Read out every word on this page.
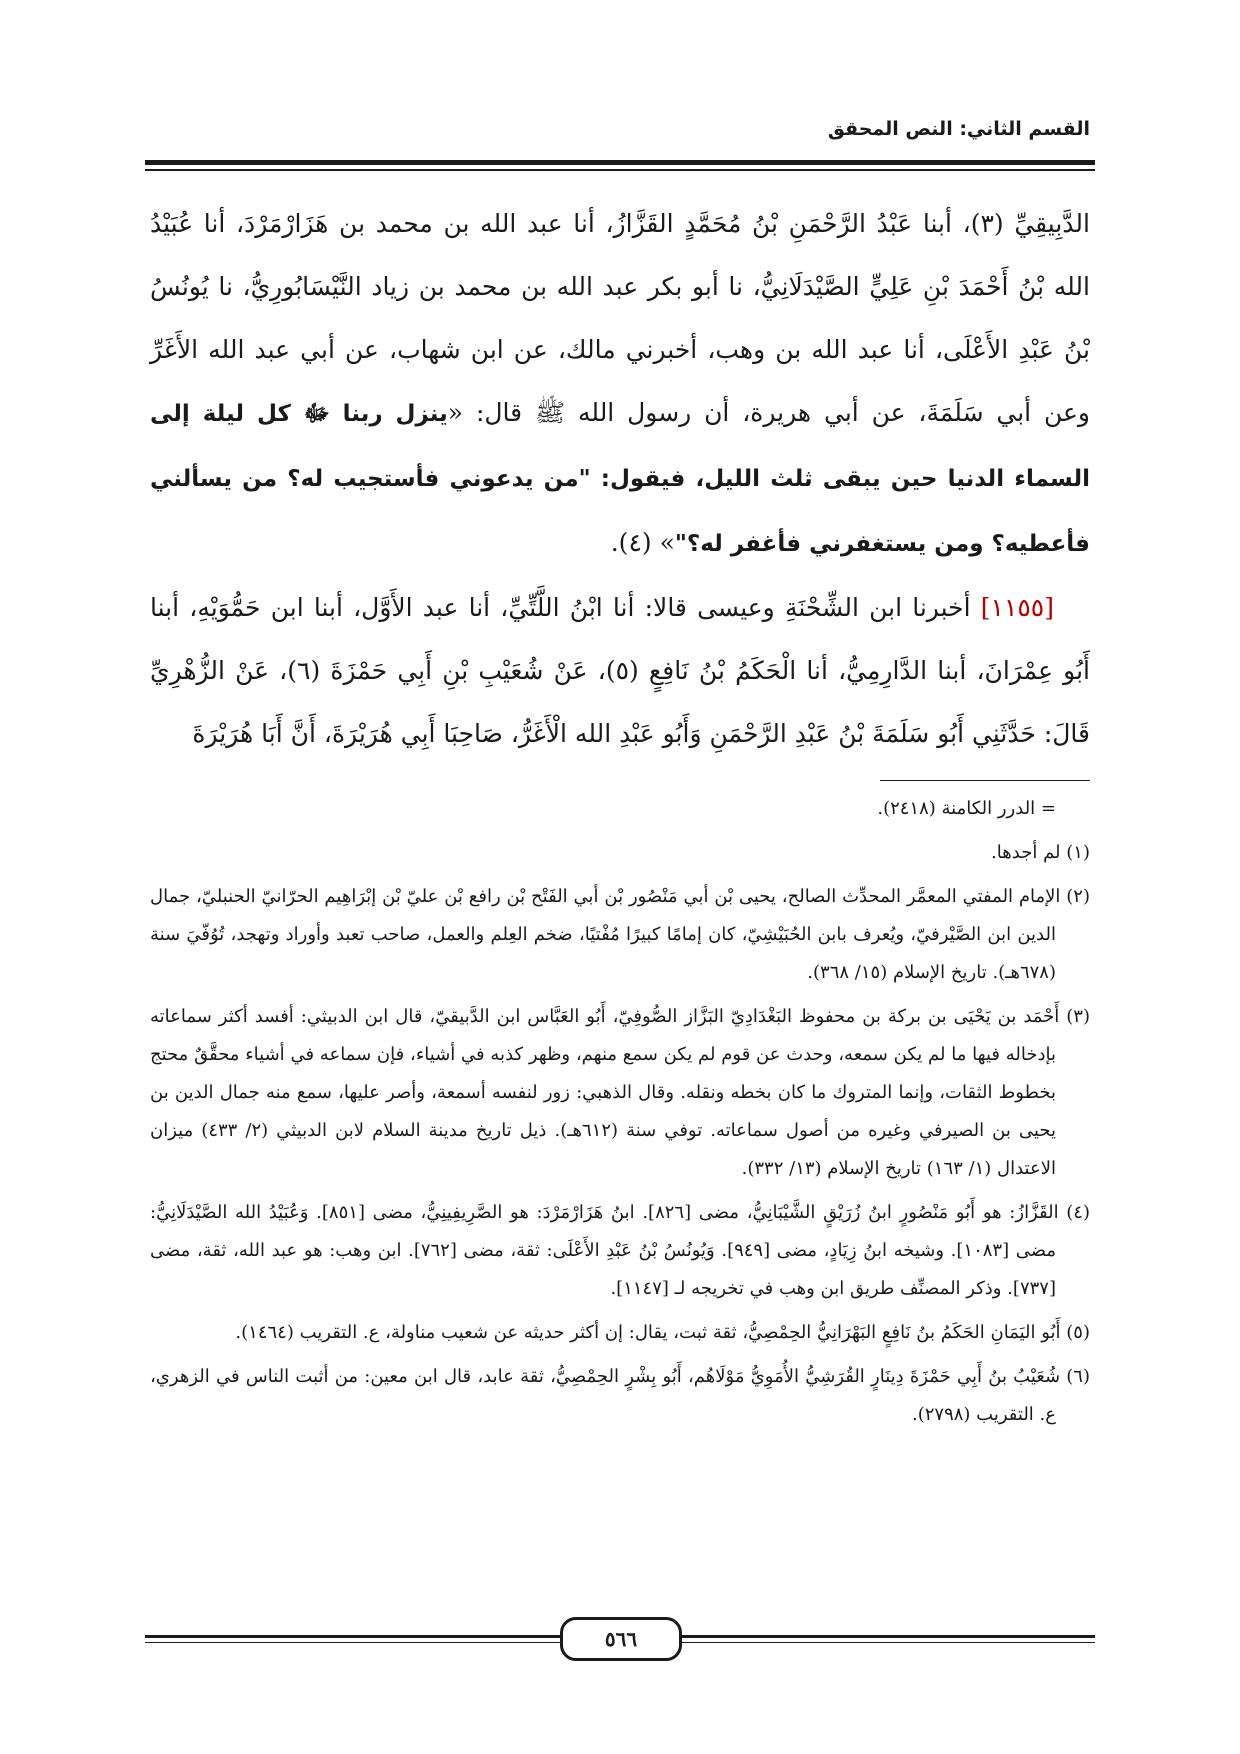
القسم الثاني: النص المحقق

الدَّبِيقِيِّ (٣)، أبنا عَبْدُ الرَّحْمَنِ بْنُ مُحَمَّدٍ القَزَّازُ، أنا عبد الله بن محمد بن هَزَارْمَرْدَ، أنا عُبَيْدُ الله بْنُ أَحْمَدَ بْنِ عَلِيٍّ الصَّيْدَلَانِيُّ، نا أبو بكر عبد الله بن محمد بن زياد النَّيْسَابُورِيُّ، نا يُونُسُ بْنُ عَبْدِ الأَعْلَى، أنا عبد الله بن وهب، أخبرني مالك، عن ابن شهاب، عن أبي عبد الله الأَغَرِّ وعن أبي سَلَمَةَ، عن أبي هريرة، أن رسول الله ﷺ قال: «ينزل ربنا ﷻ كل ليلة إلى السماء الدنيا حين يبقى ثلث الليل، فيقول: "من يدعوني فأستجيب له؟ من يسألني فأعطيه؟ ومن يستغفرني فأغفر له؟"» (٤).

[١١٥٥] أخبرنا ابن الشِّحْنَةِ وعيسى قالا: أنا ابْنُ اللَّتِّيِّ، أنا عبد الأَوَّل، أبنا ابن حَمُّوَيْهِ، أبنا أَبُو عِمْرَانَ، أبنا الدَّارِمِيُّ، أنا الْحَكَمُ بْنُ نَافِعٍ (٥)، عَنْ شُعَيْبِ بْنِ أَبِي حَمْزَةَ (٦)، عَنْ الزُّهْرِيِّ قَالَ: حَدَّثَنِي أَبُو سَلَمَةَ بْنُ عَبْدِ الرَّحْمَنِ وَأَبُو عَبْدِ الله الْأَغَرُّ، صَاحِبَا أَبِي هُرَيْرَةَ، أَنَّ أَبَا هُرَيْرَةَ

= الدرر الكامنة (٢٤١٨).

(١) لم أجدها.

(٢) الإمام المفتي المعمَّر المحدِّث الصالح، يحيى بْن أبي مَنْصُور بْن أبي الفَتْح بْن رافع بْن عليّ بْن إبْرَاهِيم الحرّانيّ الحنبليّ، جمال الدين ابن الصَّيْرفيّ، ويُعرف بابن الحُبَيْشِيّ، كان إمامًا كبيرًا مُفْتيًا، ضخم العِلم والعمل، صاحب تعبد وأوراد وتهجد، تُوُفّيَ سنة (٦٧٨هـ). تاريخ الإسلام (١٥/ ٣٦٨).

(٣) أَحْمَد بن يَحْيَى بن بركة بن محفوظ البَغْدَادِيّ البَزَّاز الصُّوفِيّ، أَبُو العَبَّاس ابن الدَّبيقيّ، قال ابن الدبيثي: أفسد أكثر سماعاته بإدخاله فيها ما لم يكن سمعه، وحدث عن قوم لم يكن سمع منهم، وظهر كذبه في أشياء، فإن سماعه في أشياء محقَّقٌ محتج بخطوط الثقات، وإنما المتروك ما كان بخطه ونقله. وقال الذهبي: زور لنفسه أسمعة، وأصر عليها، سمع منه جمال الدين بن يحيى بن الصيرفي وغيره من أصول سماعاته. توفي سنة (٦١٢هـ). ذيل تاريخ مدينة السلام لابن الدبيثي (٢/ ٤٣٣) ميزان الاعتدال (١/ ١٦٣) تاريخ الإسلام (١٣/ ٣٣٢).

(٤) القَزَّازُ: هو أَبُو مَنْصُورٍ ابنُ زُرَيْقٍ الشَّيْبَانِيُّ، مضى [٨٢٦]. ابنُ هَزَارْمَرْدَ: هو الصَّرِيفِينِيُّ، مضى [٨٥١]. وَعُبَيْدُ الله الصَّيْدَلَانِيُّ: مضى [١٠٨٣]. وشيخه ابنُ زِيَادٍ، مضى [٩٤٩]. وَيُونُسُ بْنُ عَبْدِ الأَعْلَى: ثقة، مضى [٧٦٢]. ابن وهب: هو عبد الله، ثقة، مضى [٧٣٧]. وذكر المصنِّف طريق ابن وهب في تخريجه لـ [١١٤٧].

(٥) أَبُو اليَمَانِ الحَكَمُ بنُ نَافِعٍ البَهْرَانِيُّ الحِمْصِيُّ، ثقة ثبت، يقال: إن أكثر حديثه عن شعيب مناولة، ع. التقريب (١٤٦٤).

(٦) شُعَيْبُ بنُ أَبِي حَمْزَةَ دِينَارٍ القُرَشِيُّ الأُمَوِيُّ مَوْلَاهُم، أَبُو بِشْرٍ الحِمْصِيُّ، ثقة عابد، قال ابن معين: من أثبت الناس في الزهري، ع. التقريب (٢٧٩٨).

٥٦٦
